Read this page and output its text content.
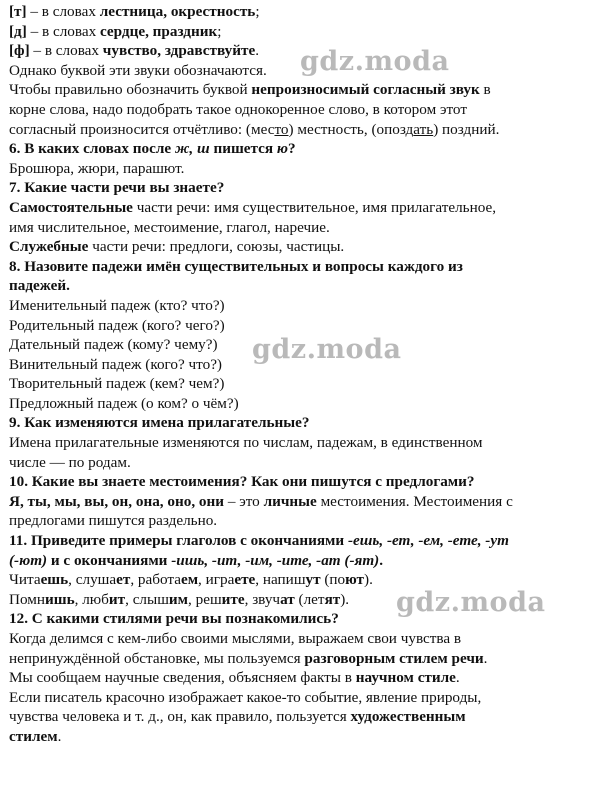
[т] – в словах лестница, окрестность;
[д] – в словах сердце, праздник;
[ф] – в словах чувство, здравствуйте.
Однако буквой эти звуки обозначаются.
Чтобы правильно обозначить буквой непроизносимый согласный звук в
корне слова, надо подобрать такое однокоренное слово, в котором этот
согласный произносится отчётливо: (место) местность, (опоздать) поздний.
6. В каких словах после ж, ш пишется ю?
Брошюра, жюри, парашют.
7. Какие части речи вы знаете?
Самостоятельные части речи: имя существительное, имя прилагательное,
имя числительное, местоимение, глагол, наречие.
Служебные части речи: предлоги, союзы, частицы.
8. Назовите падежи имён существительных и вопросы каждого из
падежей.
Именительный падеж (кто? что?)
Родительный падеж (кого? чего?)
Дательный падеж (кому? чему?)
Винительный падеж (кого? что?)
Творительный падеж (кем? чем?)
Предложный падеж (о ком? о чём?)
9. Как изменяются имена прилагательные?
Имена прилагательные изменяются по числам, падежам, в единственном
числе — по родам.
10. Какие вы знаете местоимения? Как они пишутся с предлогами?
Я, ты, мы, вы, он, она, оно, они – это личные местоимения. Местоимения с
предлогами пишутся раздельно.
11. Приведите примеры глаголов с окончаниями -ешь, -ет, -ем, -ете, -ут
(-ют) и с окончаниями -ишь, -ит, -им, -ите, -ат (-ят).
Читаешь, слушает, работаем, играете, напишут (поют).
Помнишь, любит, слышим, решите, звучат (летят).
12. С какими стилями речи вы познакомились?
Когда делимся с кем-либо своими мыслями, выражаем свои чувства в
непринуждённой обстановке, мы пользуемся разговорным стилем речи.
Мы сообщаем научные сведения, объясняем факты в научном стиле.
Если писатель красочно изображает какое-то событие, явление природы,
чувства человека и т. д., он, как правило, пользуется художественным
стилем.
gdz.moda
gdz.moda
gdz.moda
